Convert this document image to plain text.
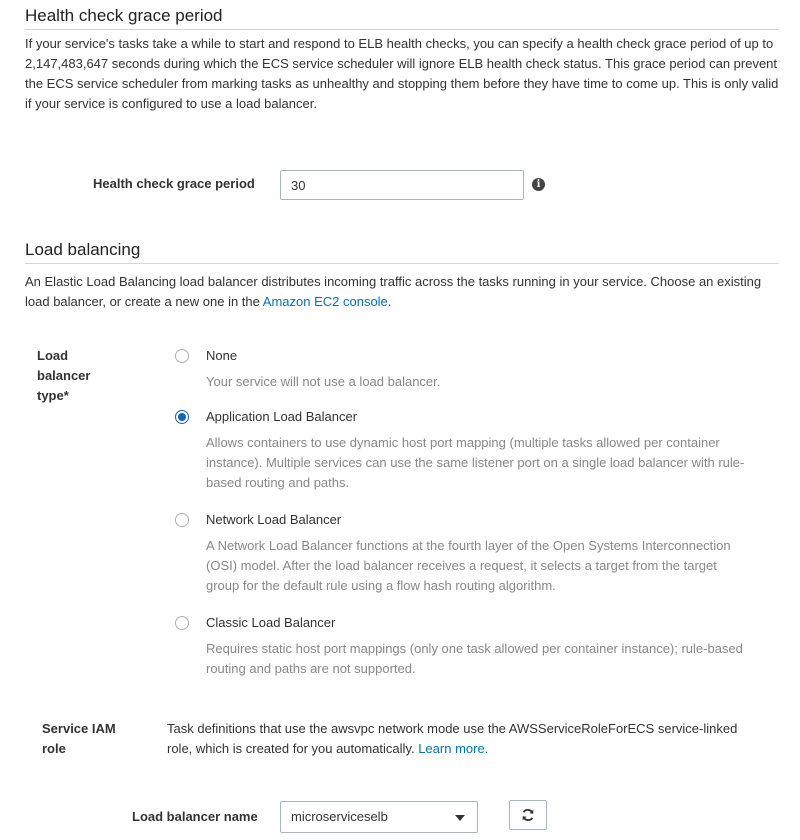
Health check grace period
If your service's tasks take a while to start and respond to ELB health checks, you can specify a health check grace period of up to 2,147,483,647 seconds during which the ECS service scheduler will ignore ELB health check status. This grace period can prevent the ECS service scheduler from marking tasks as unhealthy and stopping them before they have time to come up. This is only valid if your service is configured to use a load balancer.
Health check grace period
30	i
Load balancing
An Elastic Load Balancing load balancer distributes incoming traffic across the tasks running in your service. Choose an existing load balancer, or create a new one in the Amazon EC2 console.
Load balancer type*
None
Your service will not use a load balancer.
Application Load Balancer
Allows containers to use dynamic host port mapping (multiple tasks allowed per container instance). Multiple services can use the same listener port on a single load balancer with rule-based routing and paths.
Network Load Balancer
A Network Load Balancer functions at the fourth layer of the Open Systems Interconnection (OSI) model. After the load balancer receives a request, it selects a target from the target group for the default rule using a flow hash routing algorithm.
Classic Load Balancer
Requires static host port mappings (only one task allowed per container instance); rule-based routing and paths are not supported.
Service IAM role
Task definitions that use the awsvpc network mode use the AWSServiceRoleForECS service-linked role, which is created for you automatically. Learn more.
Load balancer name	microserviceselb
